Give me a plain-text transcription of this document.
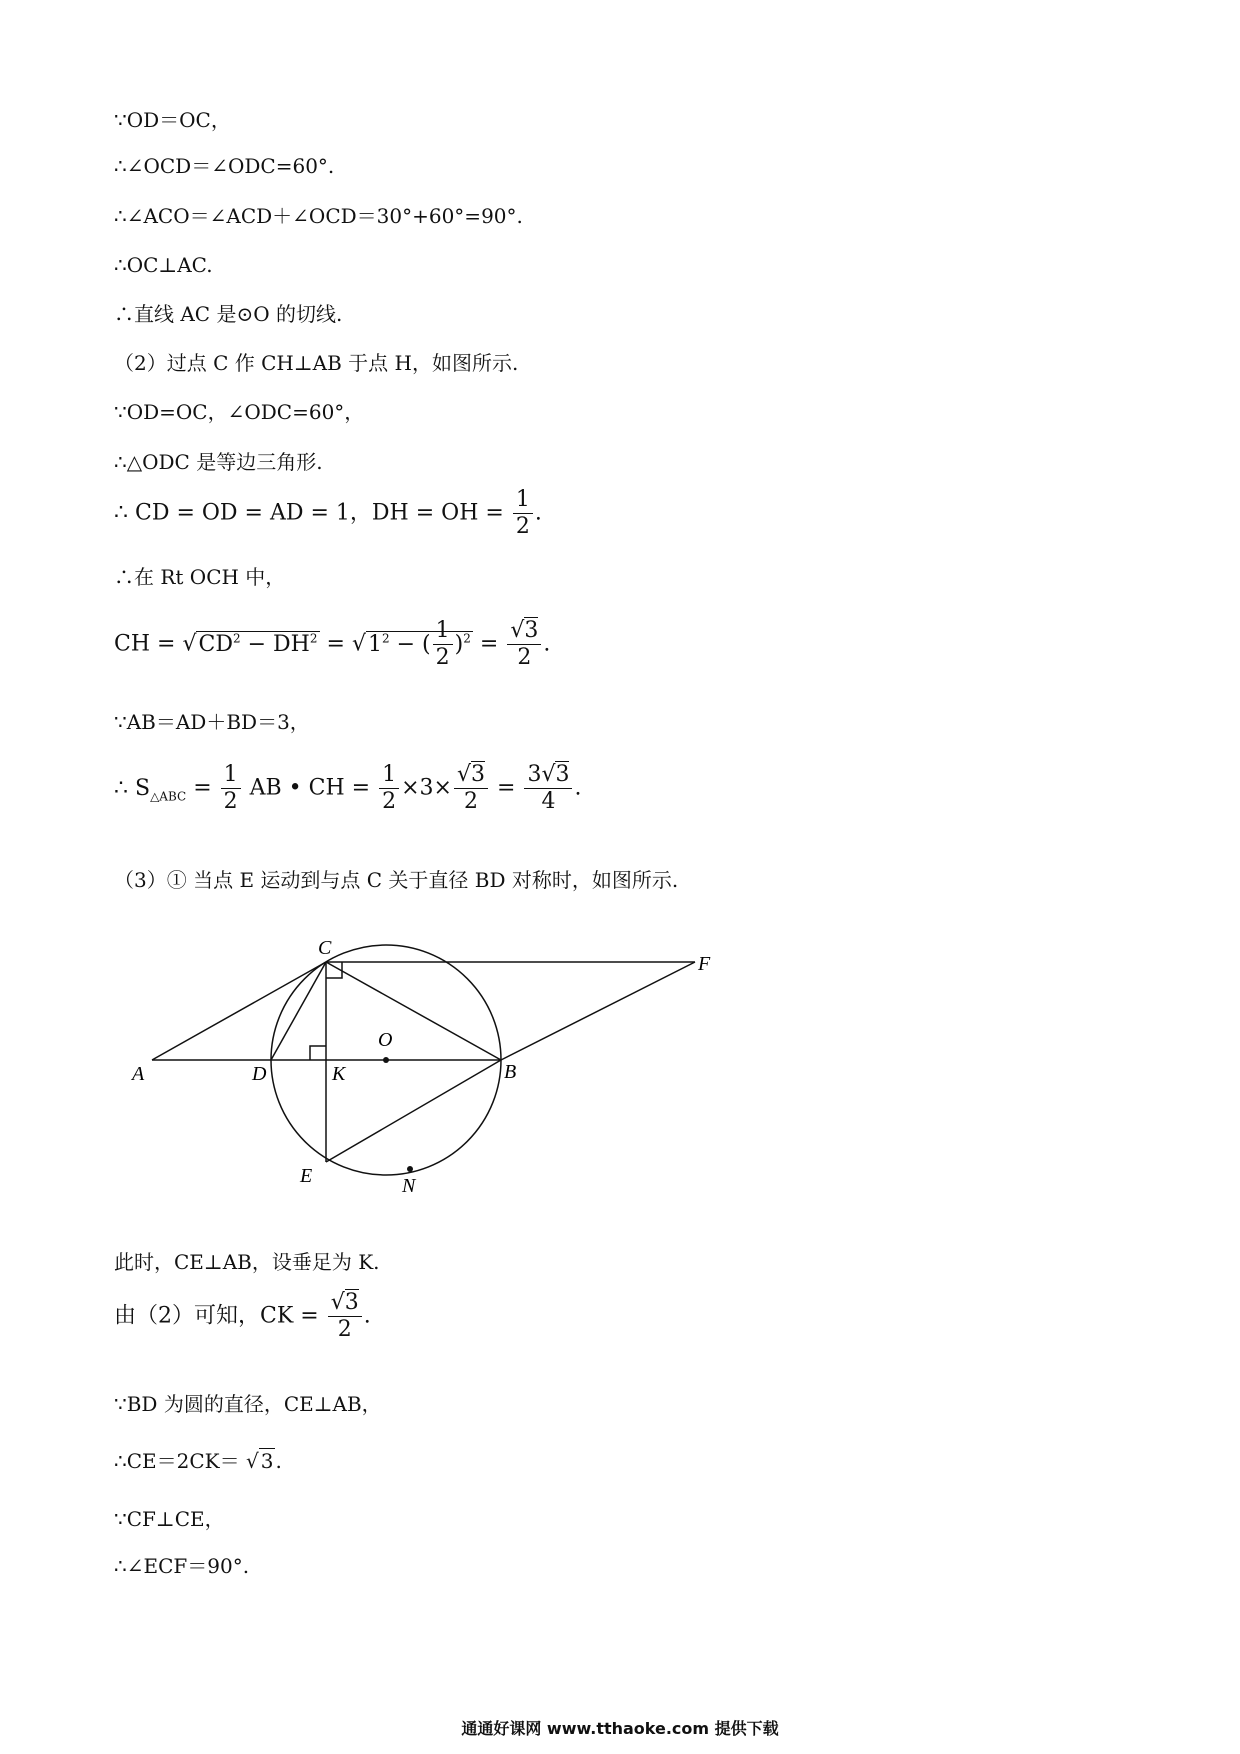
∵OD＝OC，
∴∠OCD＝∠ODC=60°.
∴∠ACO＝∠ACD＋∠OCD＝30°+60°=90°.
∴OC⊥AC.
∴直线 AC 是⊙O 的切线.
（2）过点 C 作 CH⊥AB 于点 H，如图所示.
∵OD=OC，∠ODC=60°，
∴△ODC 是等边三角形.
∴ CD = OD = AD = 1，DH = OH = $\frac{1}{2}$ .
∴在 Rt OCH 中，
CH = $√CD^2 - DH^2 = √1^2$ − ( $\frac{1}{2} )^2 = \frac{√3}{2}$ .
∵AB＝AD＋BD＝3，
∴ $S_{\triangle ABC} = \frac{1}{2}$ AB • CH = $\frac{1}{2} \times 3\times \frac{√3}{2} = \frac{3√3}{4}$ .
（3）① 当点 E 运动到与点 C 关于直径 BD 对称时，如图所示.
C
F
O
A	D	K	B
E	N
此时，CE⊥AB，设垂足为 K.
由（2）可知，CK = $\frac{√3}{2}$ .
∵BD 为圆的直径，CE⊥AB，
∴CE＝2CK＝ √ 3 .
∵CF⊥CE，
∴∠ECF＝90°.
通通好课网 www.tthaoke.com 提供下载
